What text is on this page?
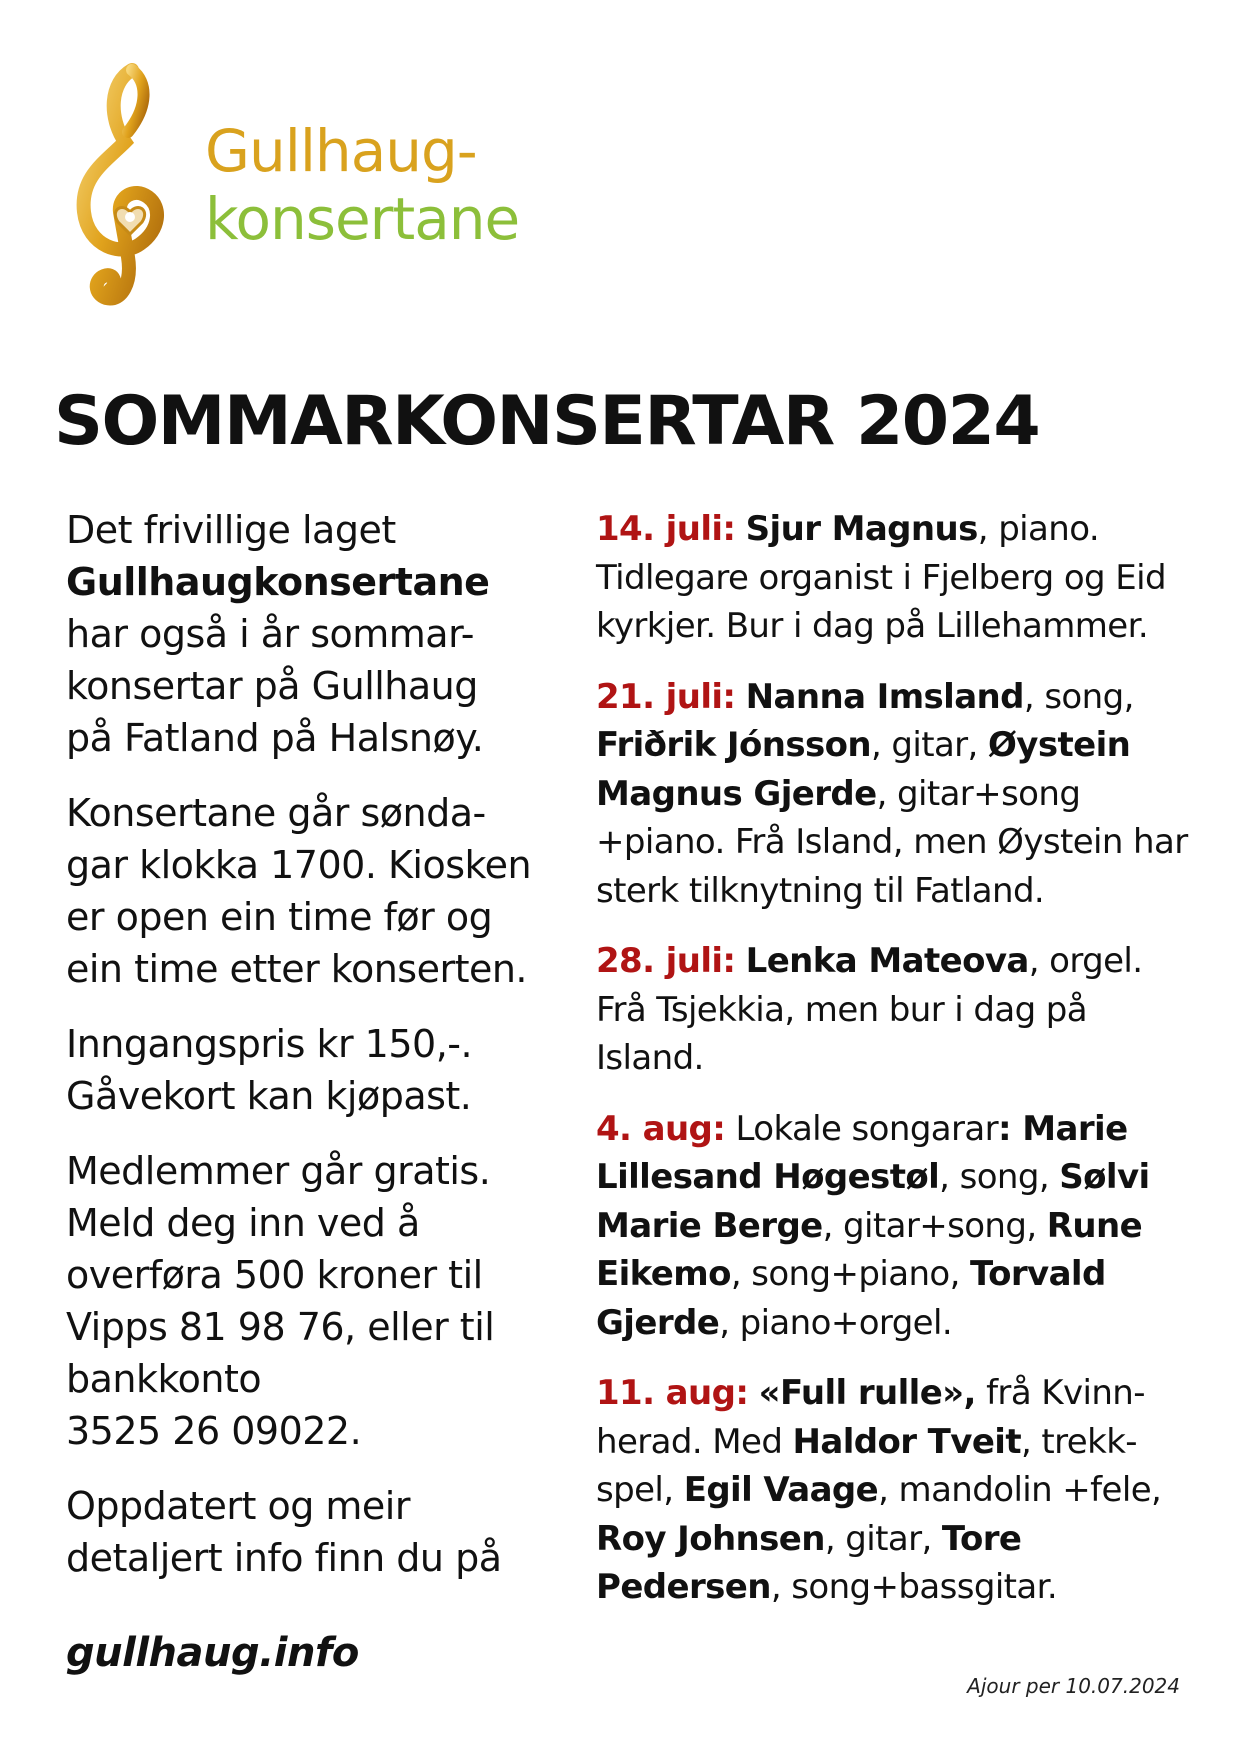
Gullhaug-
konsertane
SOMMARKONSERTAR 2024

Det frivillige laget
Gullhaugkonsertane
har også i år sommar-
konsertar på Gullhaug
på Fatland på Halsnøy.

Konsertane går sønda-
gar klokka 1700. Kiosken
er open ein time før og
ein time etter konserten.

Inngangspris kr 150,-.
Gåvekort kan kjøpast.

Medlemmer går gratis.
Meld deg inn ved å
overføra 500 kroner til
Vipps 81 98 76, eller til
bankkonto
3525 26 09022.

Oppdatert og meir
detaljert info finn du på

gullhaug.info

14. juli: Sjur Magnus, piano. Tidlegare organist i Fjelberg og Eid kyrkjer. Bur i dag på Lillehammer.

21. juli: Nanna Imsland, song, Friðrik Jónsson, gitar, Øystein Magnus Gjerde, gitar+song +piano. Frå Island, men Øystein har sterk tilknytning til Fatland.

28. juli: Lenka Mateova, orgel. Frå Tsjekkia, men bur i dag på Island.

4. aug: Lokale songarar: Marie Lillesand Høgestøl, song, Sølvi Marie Berge, gitar+song, Rune Eikemo, song+piano, Torvald Gjerde, piano+orgel.

11. aug: «Full rulle», frå Kvinn-herad. Med Haldor Tveit, trekk-spel, Egil Vaage, mandolin +fele, Roy Johnsen, gitar, Tore Pedersen, song+bassgitar.

Ajour per 10.07.2024
